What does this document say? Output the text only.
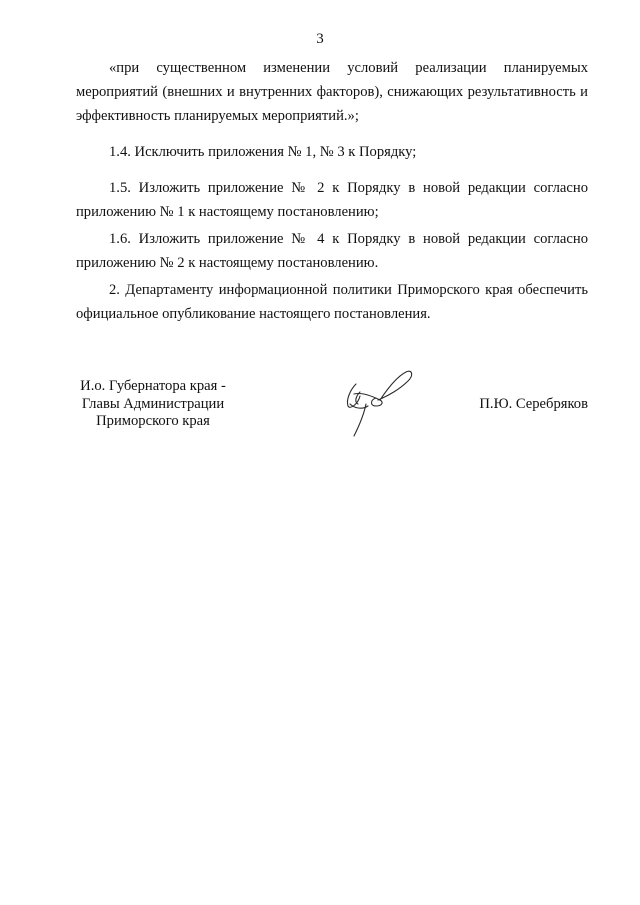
3

«при существенном изменении условий реализации планируемых мероприятий (внешних и внутренних факторов), снижающих результативность и эффективность планируемых мероприятий.»;

1.4. Исключить приложения № 1, № 3 к Порядку;

1.5. Изложить приложение № 2 к Порядку в новой редакции согласно приложению № 1 к настоящему постановлению;

1.6. Изложить приложение № 4 к Порядку в новой редакции согласно приложению № 2 к настоящему постановлению.

2. Департаменту информационной политики Приморского края обеспечить официальное опубликование настоящего постановления.

И.о. Губернатора края -
Главы Администрации
Приморского края
П.Ю. Серебряков
